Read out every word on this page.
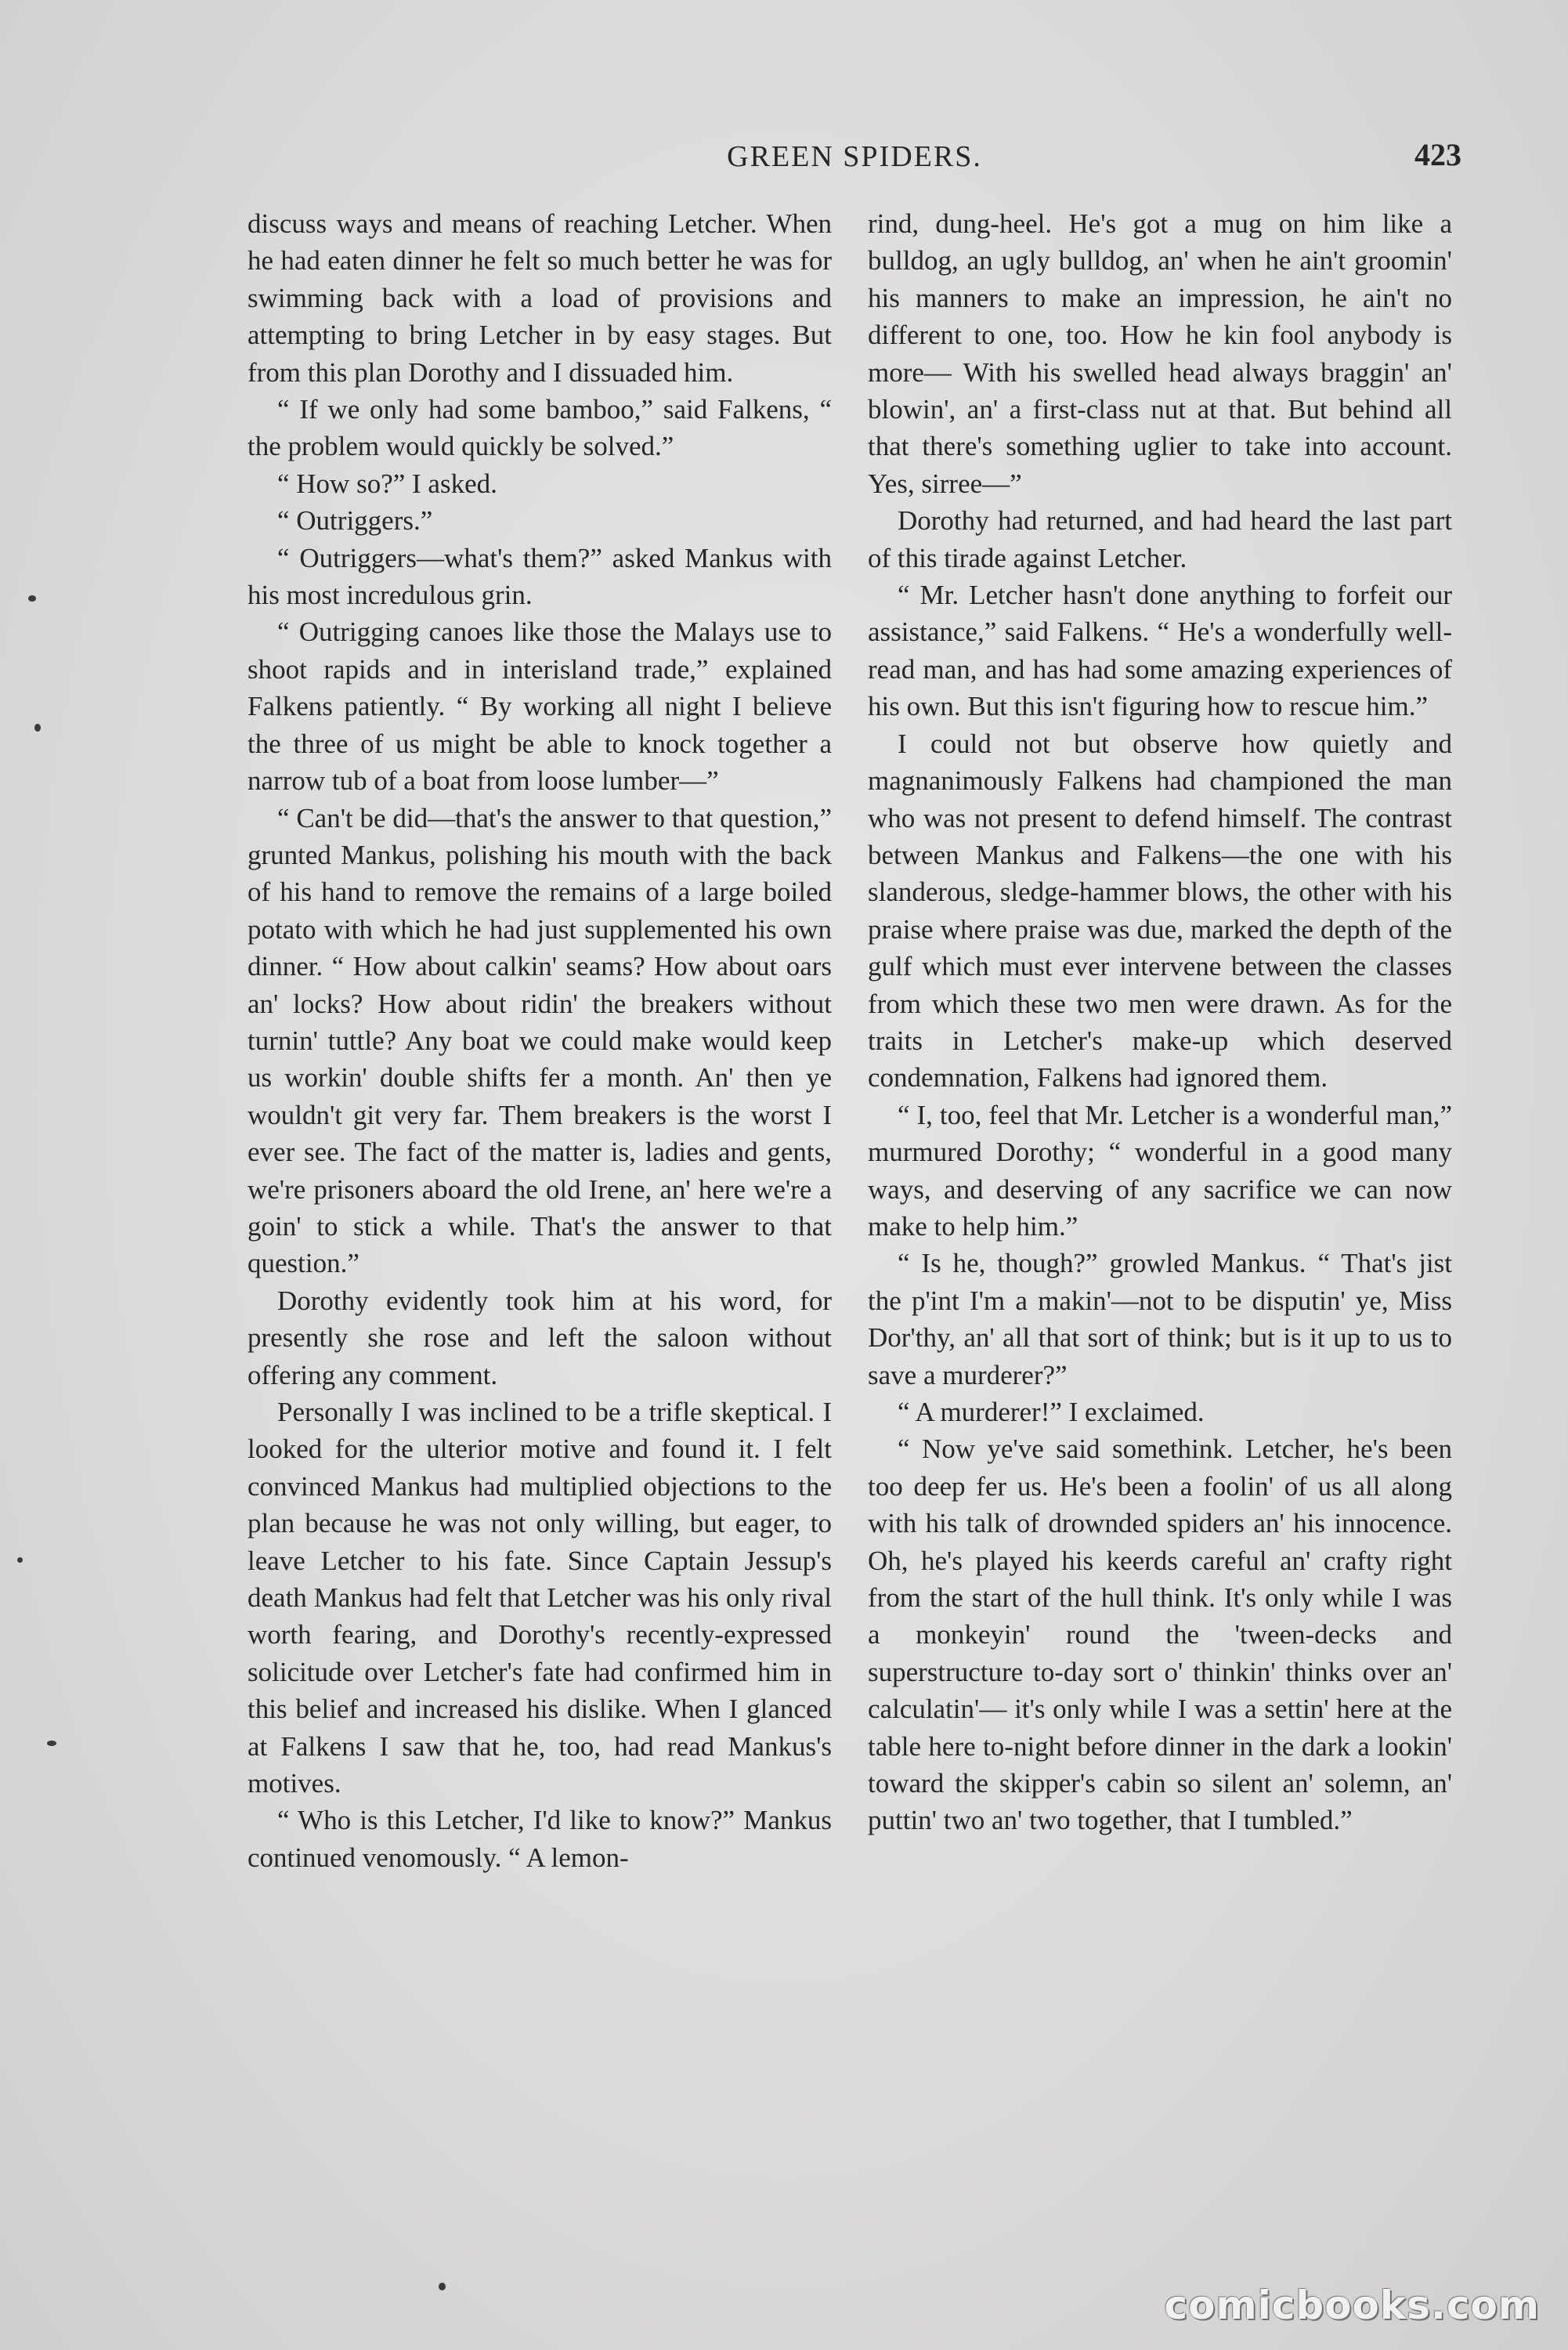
GREEN SPIDERS.	423

discuss ways and means of reaching Letcher. When he had eaten dinner he felt so much better he was for swimming back with a load of provisions and attempting to bring Letcher in by easy stages. But from this plan Dorothy and I dissuaded him.

“ If we only had some bamboo,” said Falkens, “ the problem would quickly be solved.”

“ How so?” I asked.

“ Outriggers.”

“ Outriggers—what's them?” asked Mankus with his most incredulous grin.

“ Outrigging canoes like those the Malays use to shoot rapids and in interisland trade,” explained Falkens patiently. “ By working all night I believe the three of us might be able to knock together a narrow tub of a boat from loose lumber—”

“ Can't be did—that's the answer to that question,” grunted Mankus, polishing his mouth with the back of his hand to remove the remains of a large boiled potato with which he had just supplemented his own dinner. “ How about calkin' seams? How about oars an' locks? How about ridin' the breakers without turnin' tuttle? Any boat we could make would keep us workin' double shifts fer a month. An' then ye wouldn't git very far. Them breakers is the worst I ever see. The fact of the matter is, ladies and gents, we're prisoners aboard the old Irene, an' here we're a goin' to stick a while. That's the answer to that question.”

Dorothy evidently took him at his word, for presently she rose and left the saloon without offering any comment.

Personally I was inclined to be a trifle skeptical. I looked for the ulterior motive and found it. I felt convinced Mankus had multiplied objections to the plan because he was not only willing, but eager, to leave Letcher to his fate. Since Captain Jessup's death Mankus had felt that Letcher was his only rival worth fearing, and Dorothy's recently-expressed solicitude over Letcher's fate had confirmed him in this belief and increased his dislike. When I glanced at Falkens I saw that he, too, had read Mankus's motives.

“ Who is this Letcher, I'd like to know?” Mankus continued venomously. “ A lemon-

rind, dung-heel. He's got a mug on him like a bulldog, an ugly bulldog, an' when he ain't groomin' his manners to make an impression, he ain't no different to one, too. How he kin fool anybody is more— With his swelled head always braggin' an' blowin', an' a first-class nut at that. But behind all that there's something uglier to take into account. Yes, sirree—”

Dorothy had returned, and had heard the last part of this tirade against Letcher.

“ Mr. Letcher hasn't done anything to forfeit our assistance,” said Falkens. “ He's a wonderfully well-read man, and has had some amazing experiences of his own. But this isn't figuring how to rescue him.”

I could not but observe how quietly and magnanimously Falkens had championed the man who was not present to defend himself. The contrast between Mankus and Falkens—the one with his slanderous, sledge-hammer blows, the other with his praise where praise was due, marked the depth of the gulf which must ever intervene between the classes from which these two men were drawn. As for the traits in Letcher's make-up which deserved condemnation, Falkens had ignored them.

“ I, too, feel that Mr. Letcher is a wonderful man,” murmured Dorothy; “ wonderful in a good many ways, and deserving of any sacrifice we can now make to help him.”

“ Is he, though?” growled Mankus. “ That's jist the p'int I'm a makin'—not to be disputin' ye, Miss Dor'thy, an' all that sort of think; but is it up to us to save a murderer?”

“ A murderer!” I exclaimed.

“ Now ye've said somethink. Letcher, he's been too deep fer us. He's been a foolin' of us all along with his talk of drownded spiders an' his innocence. Oh, he's played his keerds careful an' crafty right from the start of the hull think. It's only while I was a monkeyin' round the 'tween-decks and superstructure to-day sort o' thinkin' thinks over an' calculatin'— it's only while I was a settin' here at the table here to-night before dinner in the dark a lookin' toward the skipper's cabin so silent an' solemn, an' puttin' two an' two together, that I tumbled.”

comicbooks.com
